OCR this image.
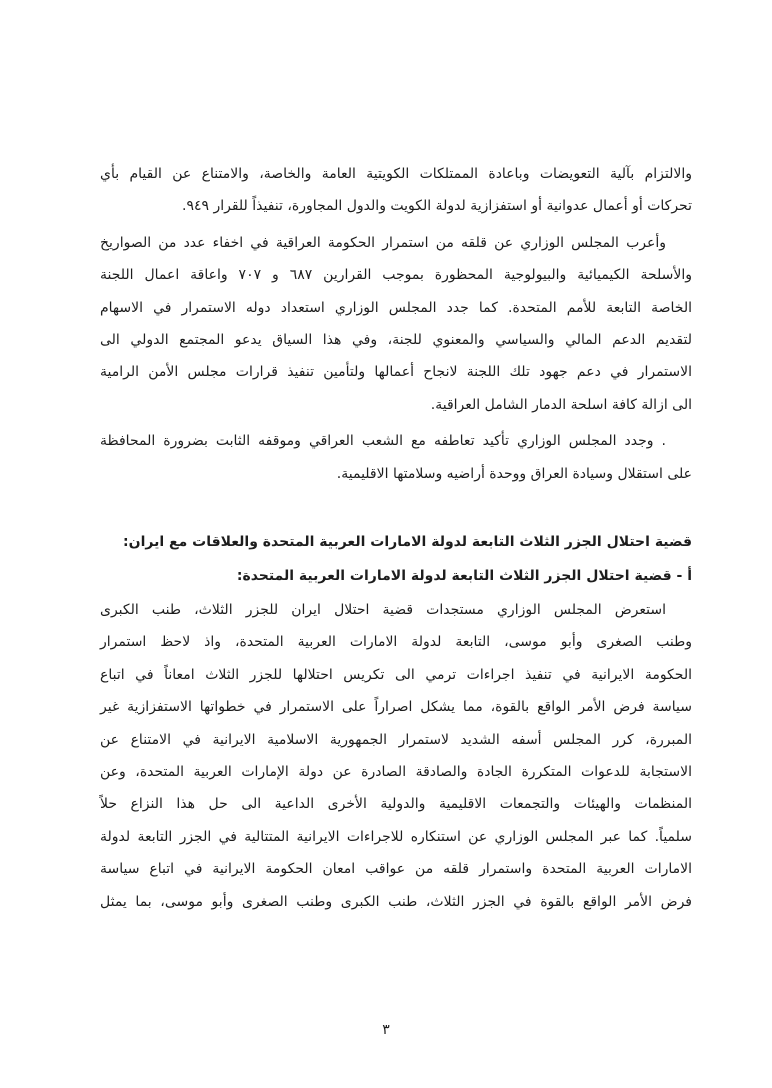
والالتزام بآلية التعويضات وباعادة الممتلكات الكويتية العامة والخاصة، والامتناع عن القيام بأي
تحركات أو أعمال عدوانية أو استفزازية لدولة الكويت والدول المجاورة، تنفيذاً للقرار ٩٤٩.
وأعرب المجلس الوزاري عن قلقه من استمرار الحكومة العراقية في اخفاء عدد من الصواريخ
والأسلحة الكيميائية والبيولوجية المحظورة بموجب القرارين ٦٨٧ و ٧٠٧ واعاقة اعمال اللجنة
الخاصة التابعة للأمم المتحدة. كما جدد المجلس الوزاري استعداد دوله الاستمرار في الاسهام
لتقديم الدعم المالي والسياسي والمعنوي للجنة، وفي هذا السياق يدعو المجتمع الدولي الى
الاستمرار في دعم جهود تلك اللجنة لانجاح أعمالها ولتأمين تنفيذ قرارات مجلس الأمن الرامية
الى ازالة كافة اسلحة الدمار الشامل العراقية.
. وجدد المجلس الوزاري تأكيد تعاطفه مع الشعب العراقي وموقفه الثابت بضرورة المحافظة
على استقلال وسيادة العراق ووحدة أراضيه وسلامتها الاقليمية.
قضية احتلال الجزر الثلاث التابعة لدولة الامارات العربية المتحدة والعلاقات مع ايران:
أ - قضية احتلال الجزر الثلاث التابعة لدولة الامارات العربية المتحدة:
استعرض المجلس الوزاري مستجدات قضية احتلال ايران للجزر الثلاث، طنب الكبرى
وطنب الصغرى وأبو موسى، التابعة لدولة الامارات العربية المتحدة، واذ لاحظ استمرار
الحكومة الايرانية في تنفيذ اجراءات ترمي الى تكريس احتلالها للجزر الثلاث امعاناً في اتباع
سياسة فرض الأمر الواقع بالقوة، مما يشكل اصراراً على الاستمرار في خطواتها الاستفزازية غير
المبررة، كرر المجلس أسفه الشديد لاستمرار الجمهورية الاسلامية الايرانية في الامتناع عن
الاستجابة للدعوات المتكررة الجادة والصادقة الصادرة عن دولة الإمارات العربية المتحدة، وعن
المنظمات والهيئات والتجمعات الاقليمية والدولية الأخرى الداعية الى حل هذا النزاع حلاً
سلمياً. كما عبر المجلس الوزاري عن استنكاره للاجراءات الايرانية المتتالية في الجزر التابعة لدولة
الامارات العربية المتحدة واستمرار قلقه من عواقب امعان الحكومة الايرانية في اتباع سياسة
فرض الأمر الواقع بالقوة في الجزر الثلاث، طنب الكبرى وطنب الصغرى وأبو موسى، بما يمثل
٣
